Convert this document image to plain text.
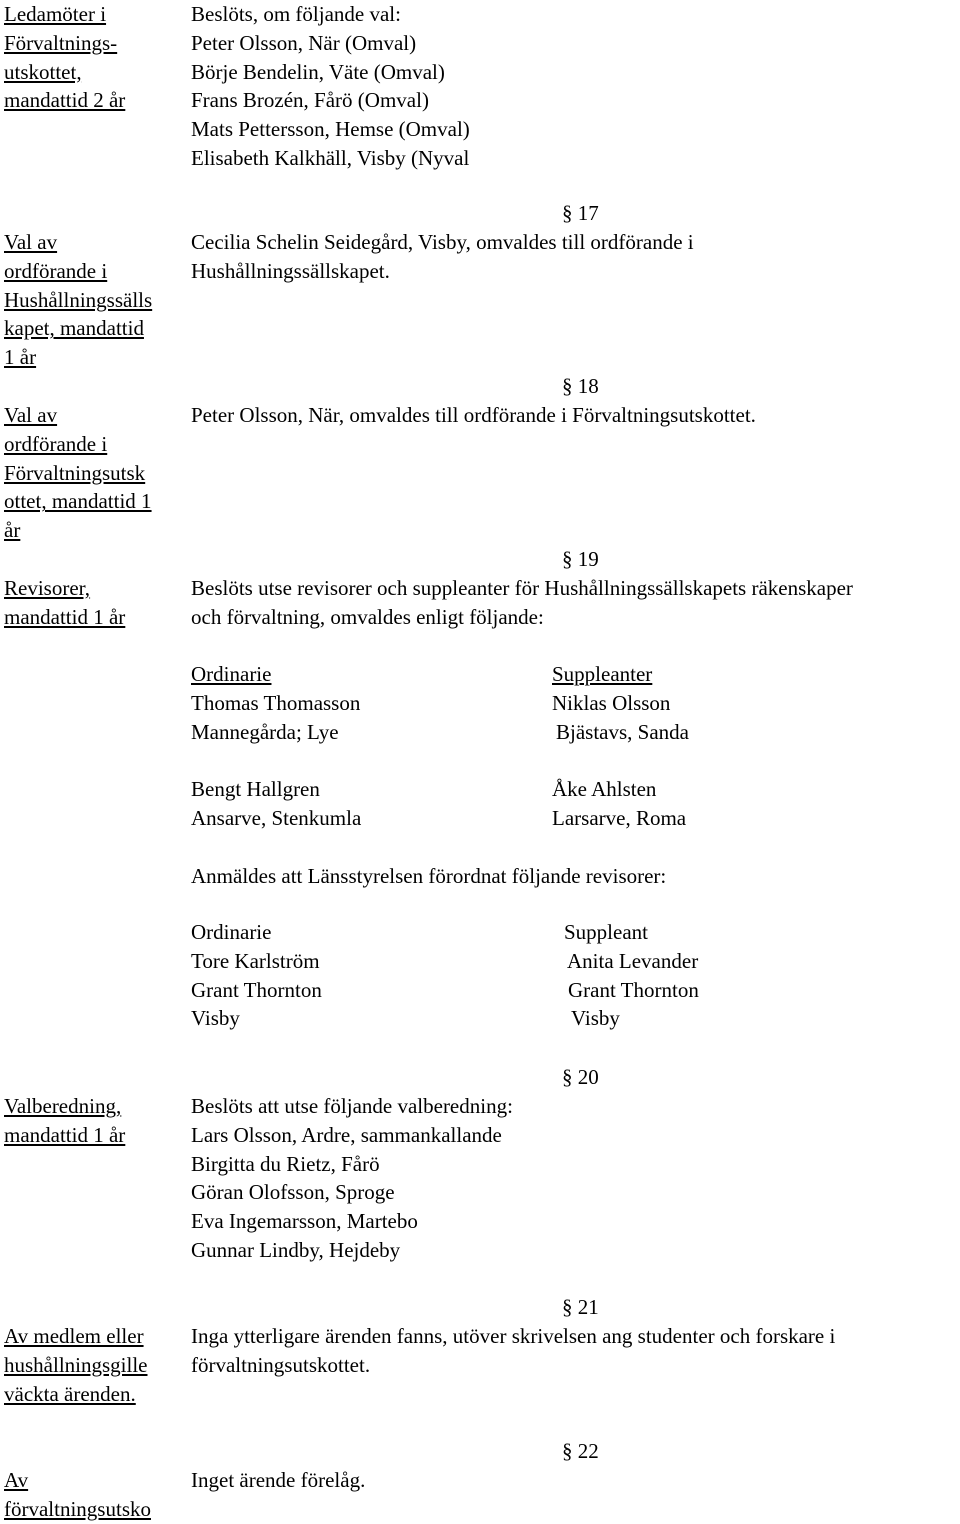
Ledamöter i
Förvaltnings-
utskottet,
mandattid 2 år
Beslöts, om följande val:
Peter Olsson, När (Omval)
Börje Bendelin, Väte (Omval)
Frans Brozén, Fårö (Omval)
Mats Pettersson, Hemse (Omval)
Elisabeth Kalkhäll, Visby (Nyval
§ 17
Val av
ordförande i
Hushållningssälls
kapet, mandattid
1 år
Cecilia Schelin Seidegård, Visby, omvaldes till ordförande i
Hushållningssällskapet.
§ 18
Val av
ordförande i
Förvaltningsutsk
ottet, mandattid 1
år
Peter Olsson, När, omvaldes till ordförande i Förvaltningsutskottet.
§ 19
Revisorer,
mandattid 1 år
Beslöts utse revisorer och suppleanter för Hushållningssällskapets räkenskaper
och förvaltning, omvaldes enligt följande:
Ordinarie
Thomas Thomasson
Mannegårda; Lye
Bengt Hallgren
Ansarve, Stenkumla
Suppleanter
Niklas Olsson
Bjästavs, Sanda
Åke Ahlsten
Larsarve, Roma
Anmäldes att Länsstyrelsen förordnat följande revisorer:
Ordinarie
Tore Karlström
Grant Thornton
Visby
Suppleant
Anita Levander
Grant Thornton
Visby
§ 20
Valberedning,
mandattid 1 år
Beslöts att utse följande valberedning:
Lars Olsson, Ardre, sammankallande
Birgitta du Rietz, Fårö
Göran Olofsson, Sproge
Eva Ingemarsson, Martebo
Gunnar Lindby, Hejdeby
§ 21
Av medlem eller
hushållningsgille
väckta ärenden.
Inga ytterligare ärenden fanns, utöver skrivelsen ang studenter och forskare i
förvaltningsutskottet.
§ 22
Av
förvaltningsutsko
Inget ärende förelåg.
